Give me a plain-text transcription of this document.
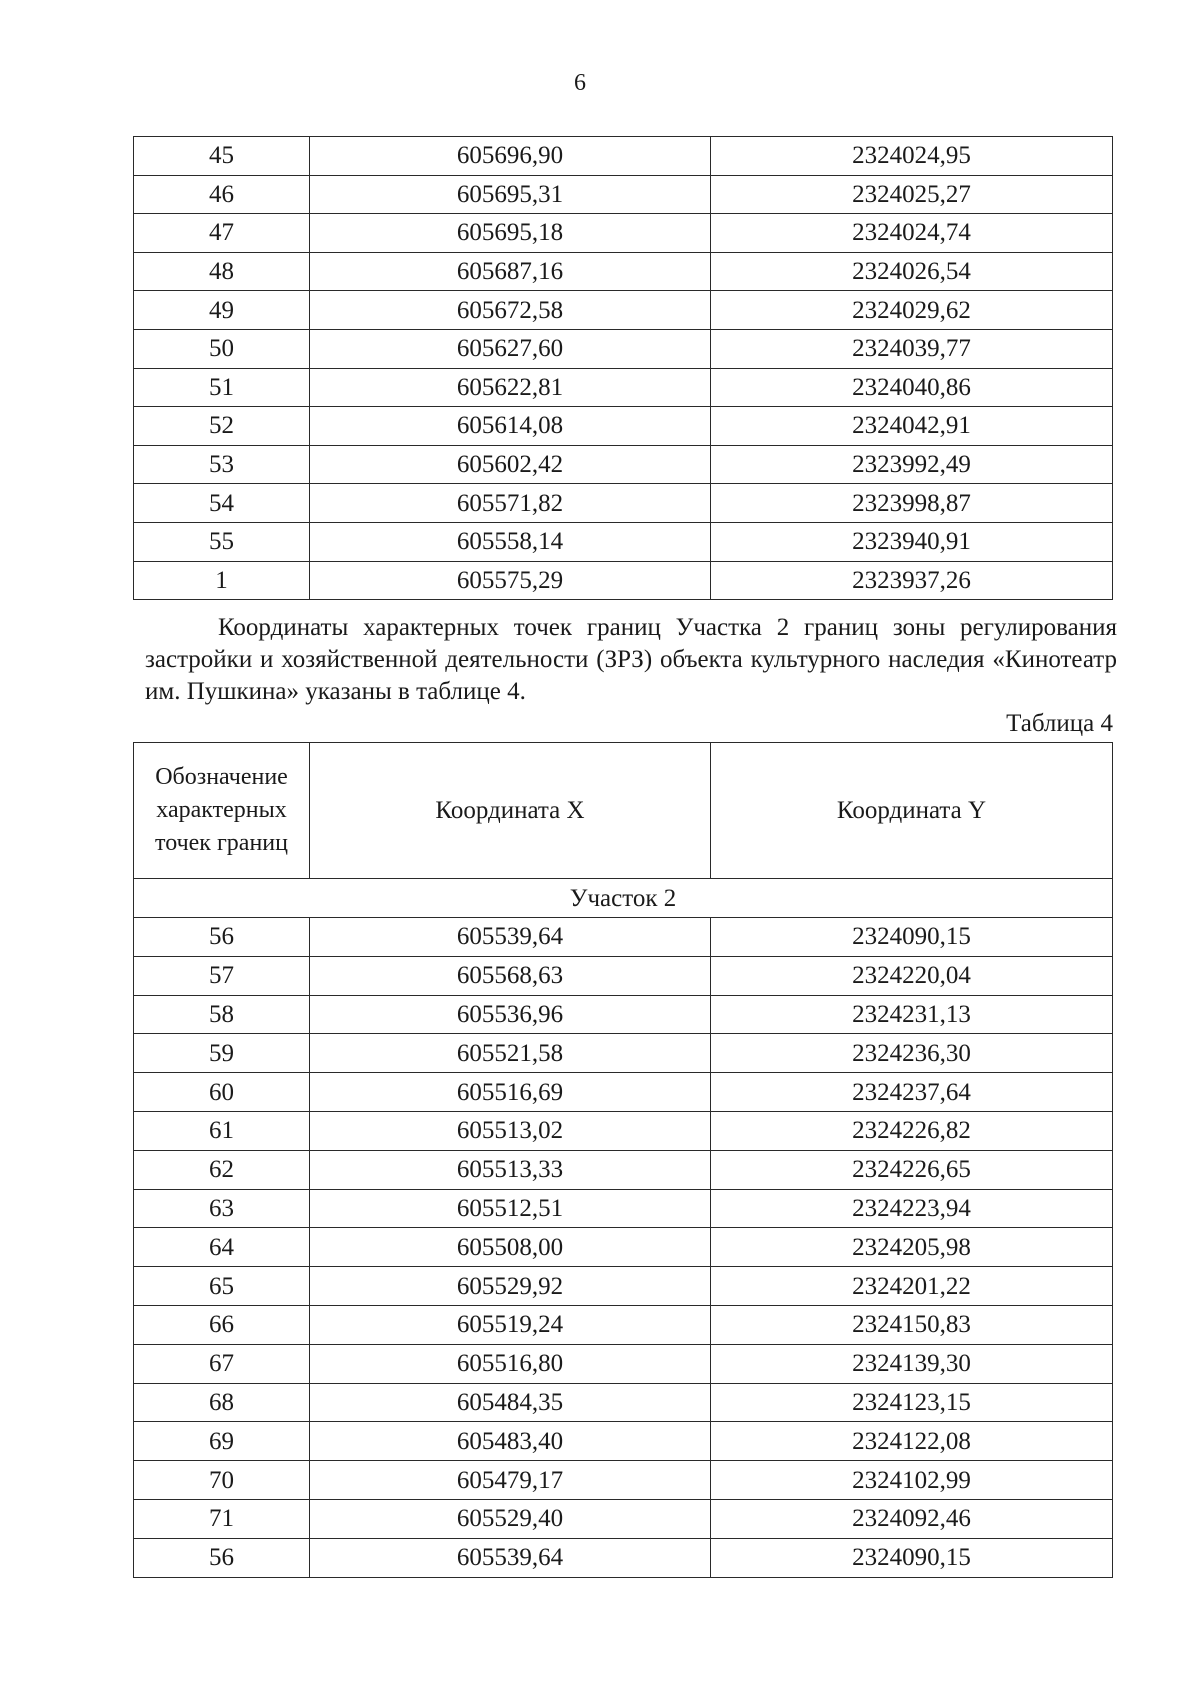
6
45	605696,90	2324024,95
46	605695,31	2324025,27
47	605695,18	2324024,74
48	605687,16	2324026,54
49	605672,58	2324029,62
50	605627,60	2324039,77
51	605622,81	2324040,86
52	605614,08	2324042,91
53	605602,42	2323992,49
54	605571,82	2323998,87
55	605558,14	2323940,91
1	605575,29	2323937,26
Координаты характерных точек границ Участка 2 границ зоны регулирования застройки и хозяйственной деятельности (ЗРЗ) объекта культурного наследия «Кинотеатр им. Пушкина» указаны в таблице 4.
Таблица 4
Обозначение характерных точек границ	Координата X	Координата Y
Участок 2		
56	605539,64	2324090,15
57	605568,63	2324220,04
58	605536,96	2324231,13
59	605521,58	2324236,30
60	605516,69	2324237,64
61	605513,02	2324226,82
62	605513,33	2324226,65
63	605512,51	2324223,94
64	605508,00	2324205,98
65	605529,92	2324201,22
66	605519,24	2324150,83
67	605516,80	2324139,30
68	605484,35	2324123,15
69	605483,40	2324122,08
70	605479,17	2324102,99
71	605529,40	2324092,46
56	605539,64	2324090,15
